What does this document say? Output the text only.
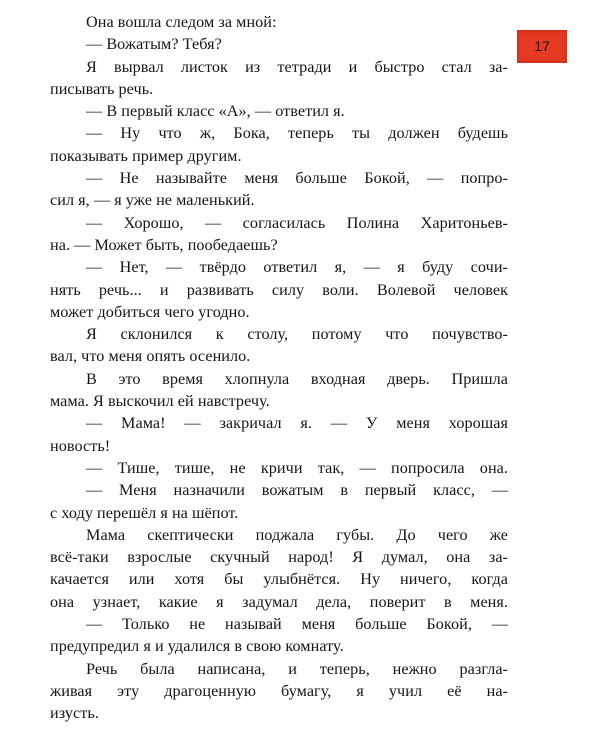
17
Она вошла следом за мной:
— Вожатым? Тебя?
Я вырвал листок из тетради и быстро стал за-
писывать речь.
— В первый класс «А», — ответил я.
— Ну что ж, Бока, теперь ты должен будешь
показывать пример другим.
— Не называйте меня больше Бокой, — попро-
сил я, — я уже не маленький.
— Хорошо, — согласилась Полина Харитоньев-
на. — Может быть, пообедаешь?
— Нет, — твёрдо ответил я, — я буду сочи-
нять речь... и развивать силу воли. Волевой человек
может добиться чего угодно.
Я склонился к столу, потому что почувство-
вал, что меня опять осенило.
В это время хлопнула входная дверь. Пришла
мама. Я выскочил ей навстречу.
— Мама! — закричал я. — У меня хорошая
новость!
— Тише, тише, не кричи так, — попросила она.
— Меня назначили вожатым в первый класс, —
с ходу перешёл я на шёпот.
Мама скептически поджала губы. До чего же
всё-таки взрослые скучный народ! Я думал, она за-
качается или хотя бы улыбнётся. Ну ничего, когда
она узнает, какие я задумал дела, поверит в меня.
— Только не называй меня больше Бокой, —
предупредил я и удалился в свою комнату.
Речь была написана, и теперь, нежно разгла-
живая эту драгоценную бумагу, я учил её на-
изусть.
